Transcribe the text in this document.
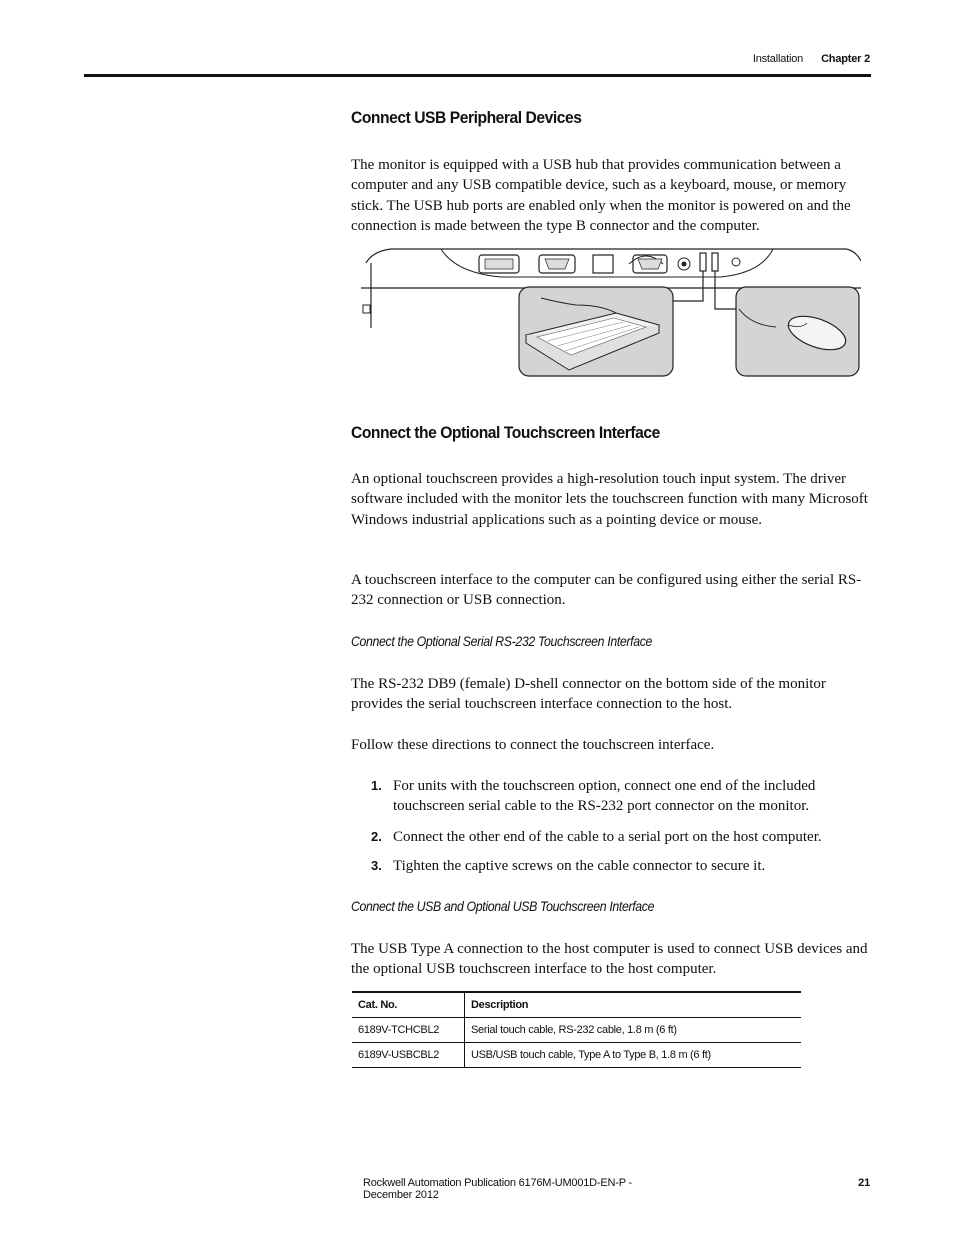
Installation Chapter 2
Connect USB Peripheral Devices

The monitor is equipped with a USB hub that provides communication between a computer and any USB compatible device, such as a keyboard, mouse, or memory stick. The USB hub ports are enabled only when the monitor is powered on and the connection is made between the type B connector and the computer.

Connect the Optional Touchscreen Interface

An optional touchscreen provides a high-resolution touch input system. The driver software included with the monitor lets the touchscreen function with many Microsoft Windows industrial applications such as a pointing device or mouse.

A touchscreen interface to the computer can be configured using either the serial RS-232 connection or USB connection.

Connect the Optional Serial RS-232 Touchscreen Interface

The RS-232 DB9 (female) D-shell connector on the bottom side of the monitor provides the serial touchscreen interface connection to the host.

Follow these directions to connect the touchscreen interface.

1. For units with the touchscreen option, connect one end of the included touchscreen serial cable to the RS-232 port connector on the monitor.
2. Connect the other end of the cable to a serial port on the host computer.
3. Tighten the captive screws on the cable connector to secure it.
Connect the USB and Optional USB Touchscreen Interface

The USB Type A connection to the host computer is used to connect USB devices and the optional USB touchscreen interface to the host computer.

Cat. No.	Description
6189V-TCHCBL2	Serial touch cable, RS-232 cable, 1.8 m (6 ft)
6189V-USBCBL2	USB/USB touch cable, Type A to Type B, 1.8 m (6 ft)
Rockwell Automation Publication 6176M-UM001D-EN-P - December 2012
21
